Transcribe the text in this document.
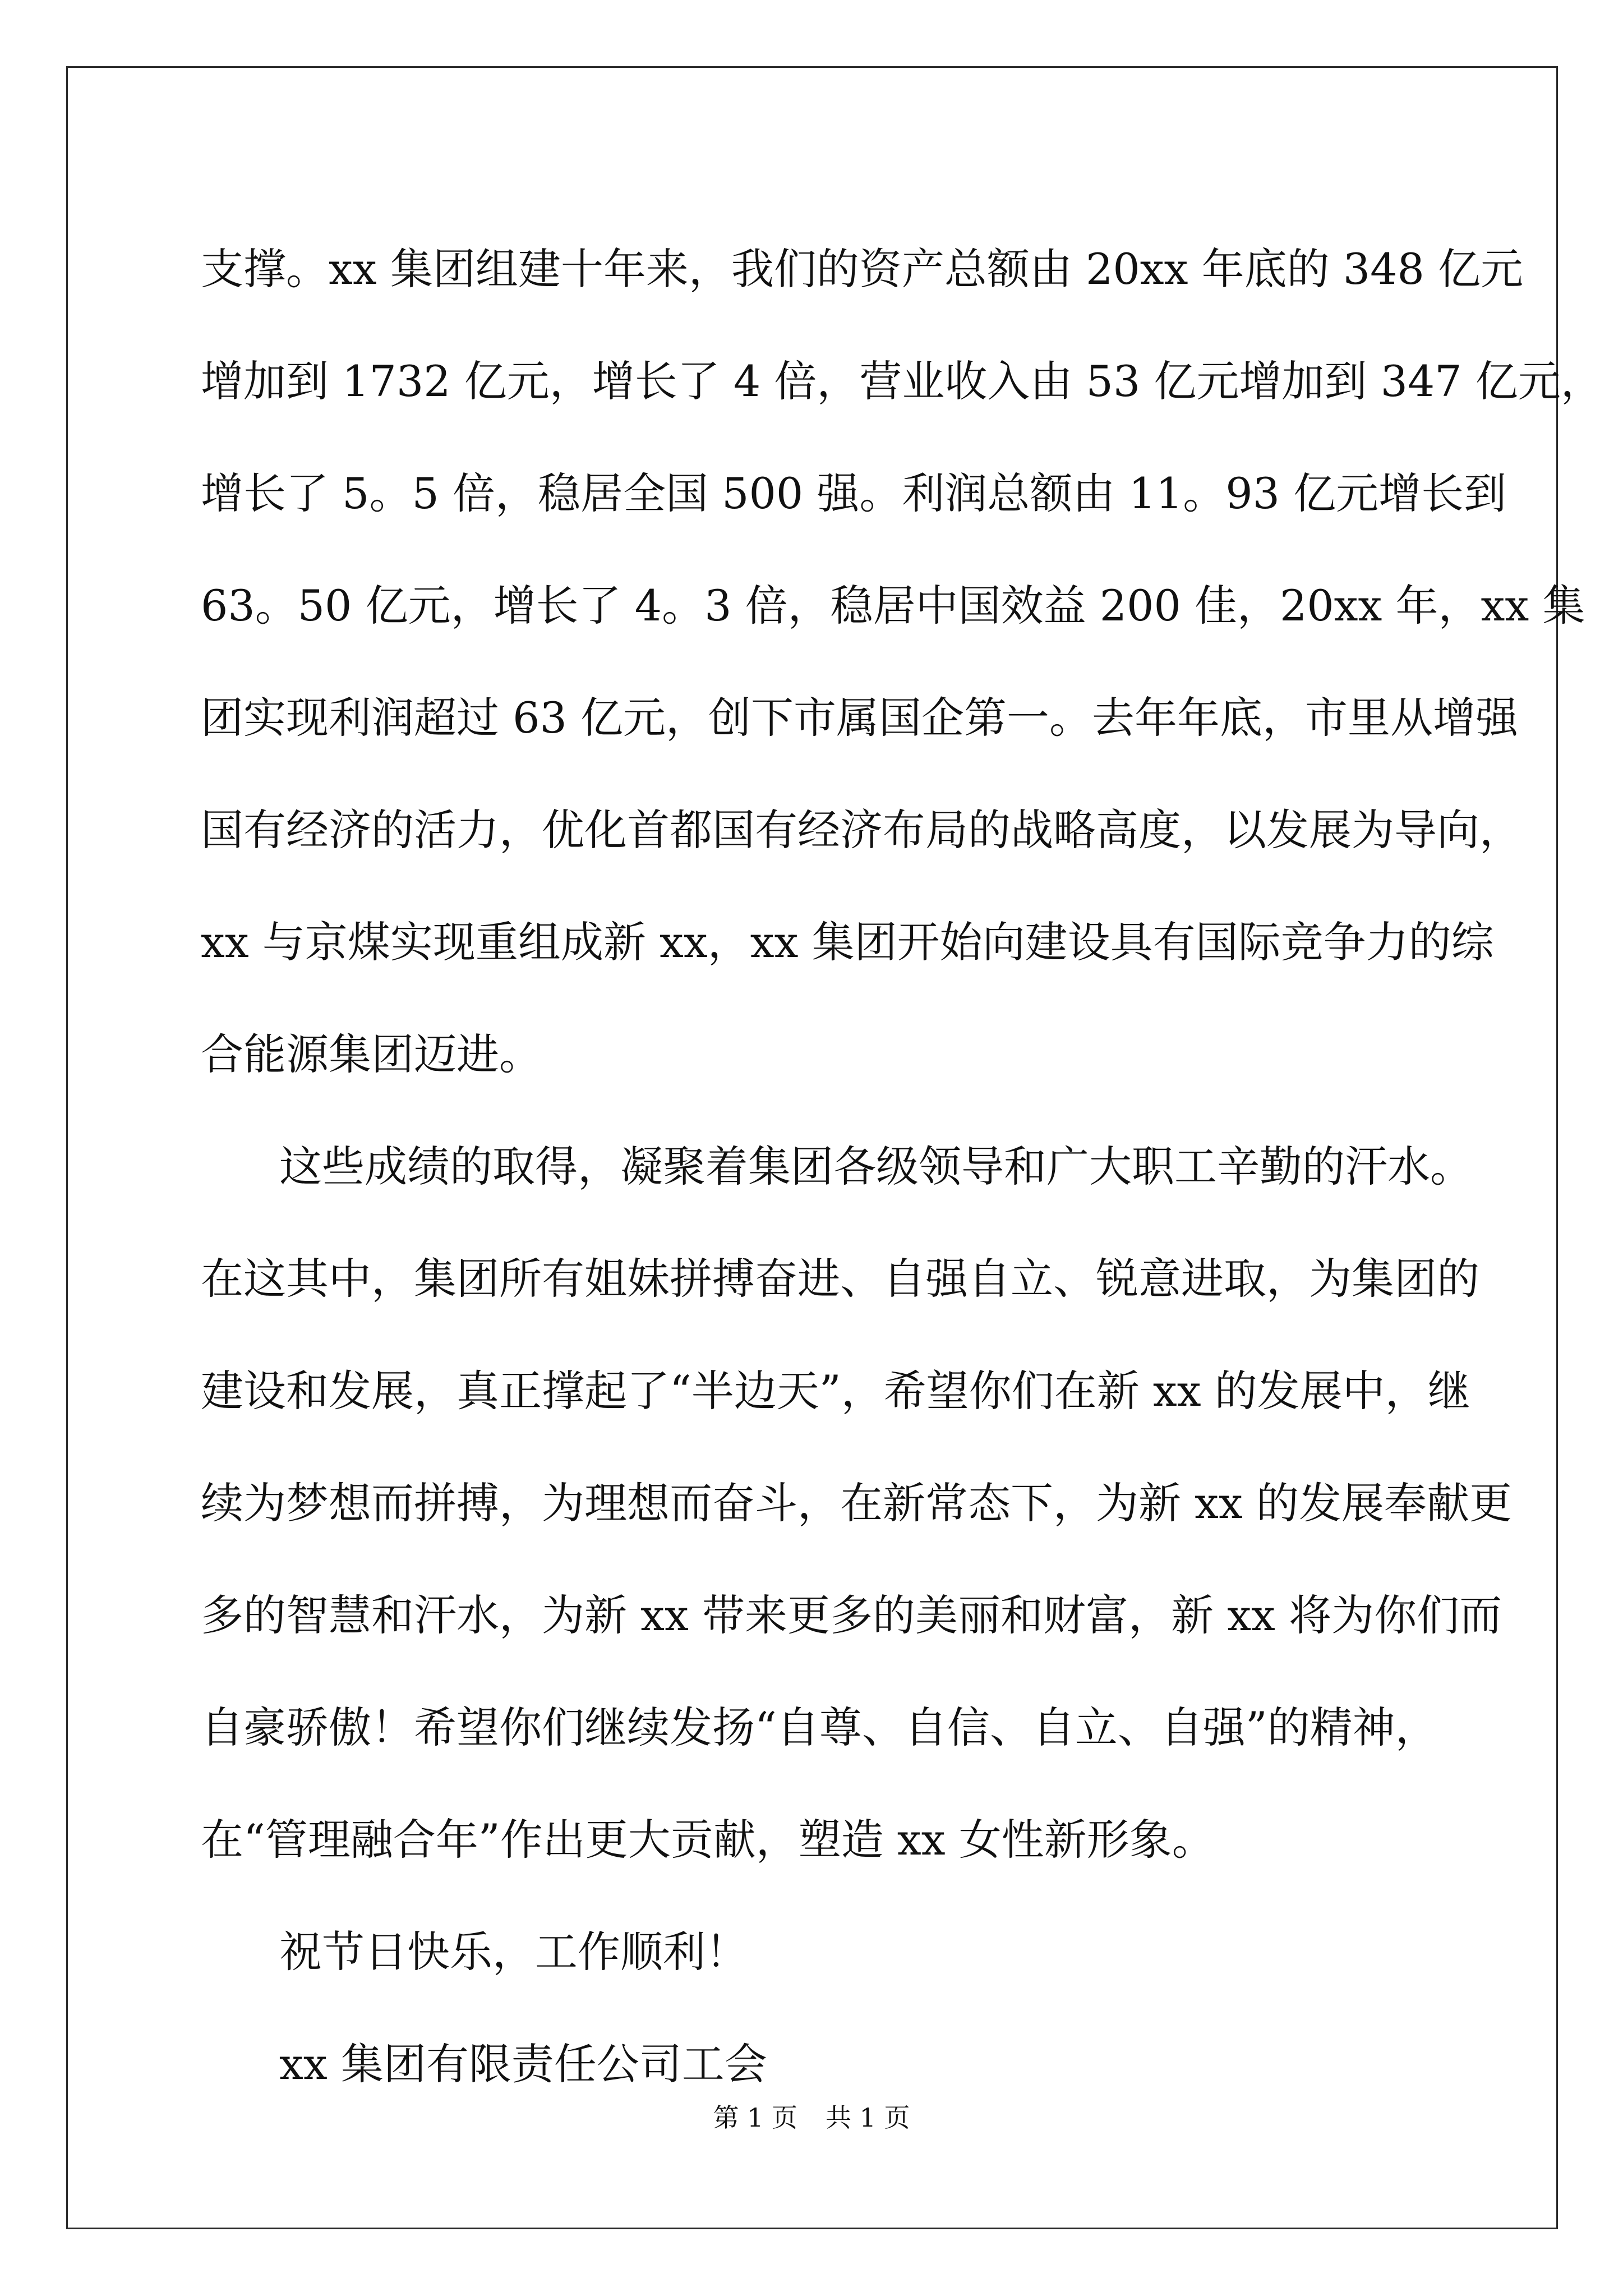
支撑。xx 集团组建十年来，我们的资产总额由 20xx 年底的 348 亿元
增加到 1732 亿元，增长了 4 倍，营业收入由 53 亿元增加到 347 亿元，
增长了 5。5 倍，稳居全国 500 强。利润总额由 11。93 亿元增长到
63。50 亿元，增长了 4。3 倍，稳居中国效益 200 佳，20xx 年，xx 集
团实现利润超过 63 亿元，创下市属国企第一。去年年底，市里从增强
国有经济的活力，优化首都国有经济布局的战略高度，以发展为导向，
xx 与京煤实现重组成新 xx，xx 集团开始向建设具有国际竞争力的综
合能源集团迈进。
这些成绩的取得，凝聚着集团各级领导和广大职工辛勤的汗水。
在这其中，集团所有姐妹拼搏奋进、自强自立、锐意进取，为集团的
建设和发展，真正撑起了“半边天”，希望你们在新 xx 的发展中，继
续为梦想而拼搏，为理想而奋斗，在新常态下，为新 xx 的发展奉献更
多的智慧和汗水，为新 xx 带来更多的美丽和财富，新 xx 将为你们而
自豪骄傲！希望你们继续发扬“自尊、自信、自立、自强”的精神，
在“管理融合年”作出更大贡献，塑造 xx 女性新形象。
祝节日快乐，工作顺利！
xx 集团有限责任公司工会
第 1 页 共 1 页
